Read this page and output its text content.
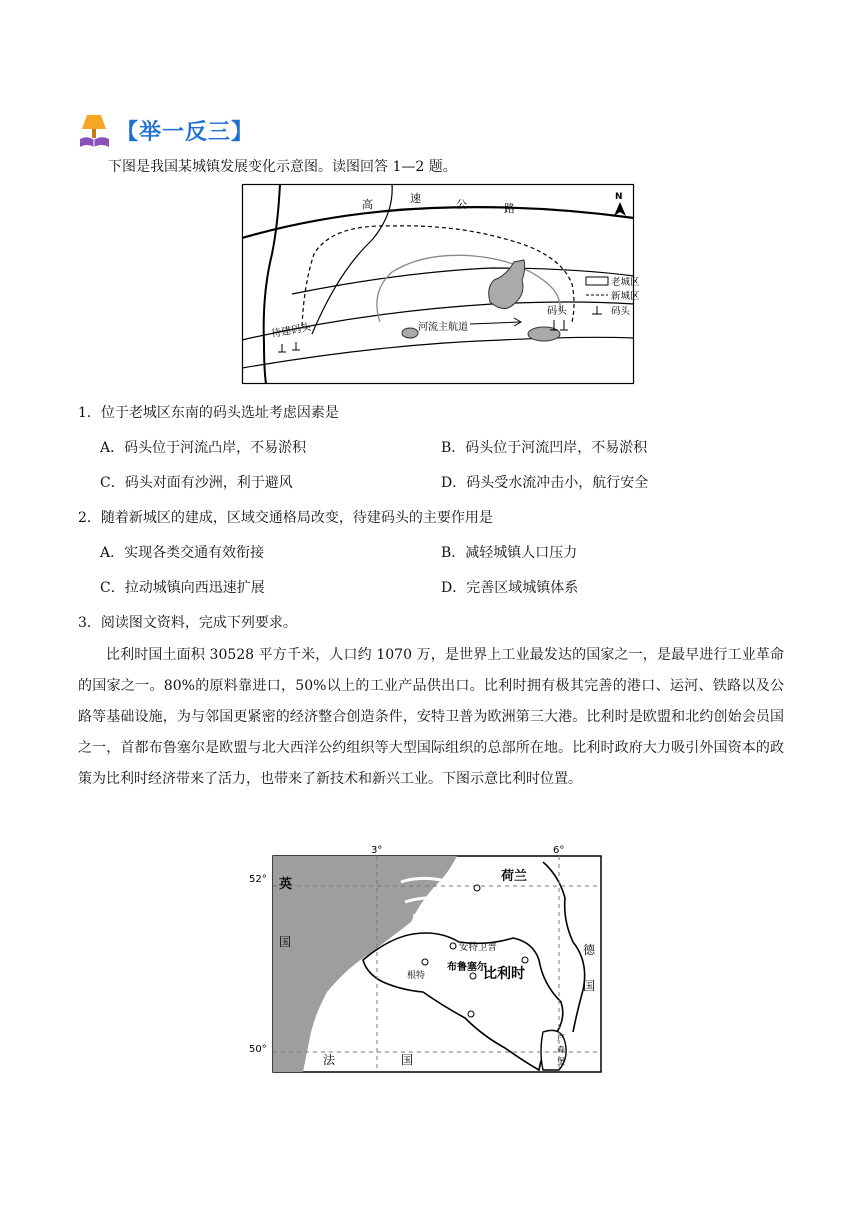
【举一反三】
下图是我国某城镇发展变化示意图。读图回答 1—2 题。
河流主航道
高	速	公	路
N
码头
待建码头
老城区
新城区
码头
1．位于老城区东南的码头选址考虑因素是
A．码头位于河流凸岸，不易淤积	B．码头位于河流凹岸，不易淤积
C．码头对面有沙洲，利于避风	D．码头受水流冲击小，航行安全
2．随着新城区的建成，区域交通格局改变，待建码头的主要作用是
A．实现各类交通有效衔接	B．减轻城镇人口压力
C．拉动城镇向西迅速扩展	D．完善区域城镇体系
3．阅读图文资料，完成下列要求。

比利时国土面积 30528 平方千米，人口约 1070 万，是世界上工业最发达的国家之一，是最早进行工业革命的国家之一。80%的原料靠进口，50%以上的工业产品供出口。比利时拥有极其完善的港口、运河、铁路以及公路等基础设施，为与邻国更紧密的经济整合创造条件，安特卫普为欧洲第三大港。比利时是欧盟和北约创始会员国之一，首都布鲁塞尔是欧盟与北大西洋公约组织等大型国际组织的总部所在地。比利时政府大力吸引外国资本的政策为比利时经济带来了活力，也带来了新技术和新兴工业。下图示意比利时位置。

3°	6°
52°
50°
英
国
荷兰
德
国
比利时
法	国
卢
森
堡
安特卫普
根特
布鲁塞尔
